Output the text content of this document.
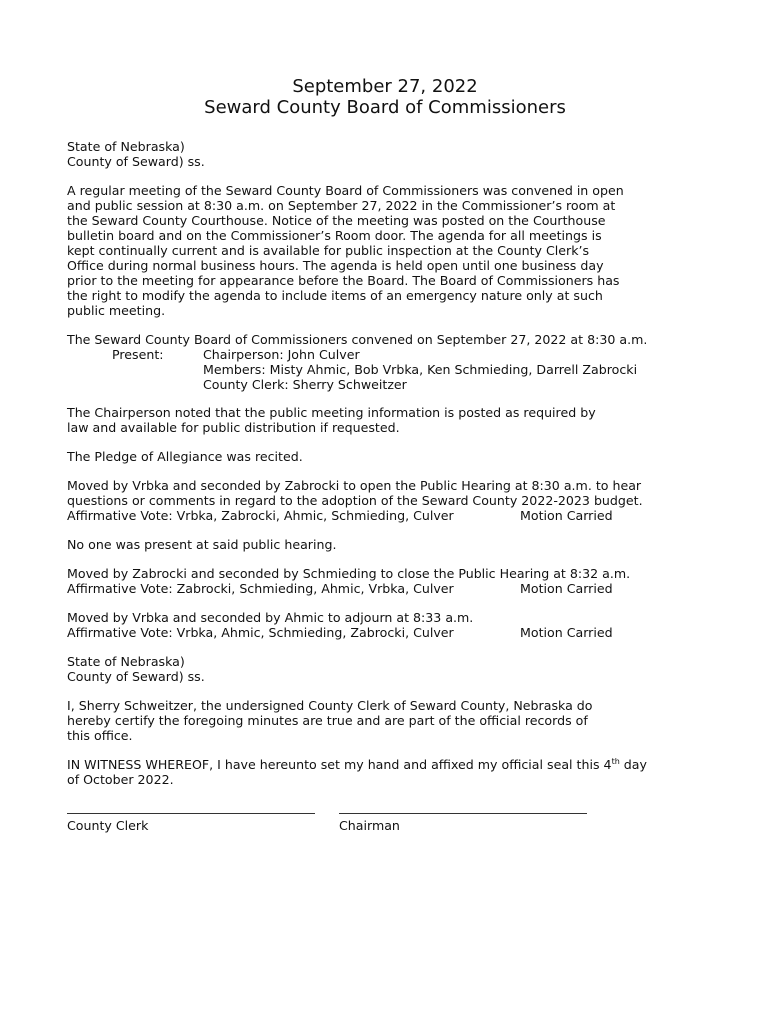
September 27, 2022
Seward County Board of Commissioners
State of Nebraska)
County of Seward) ss.
A regular meeting of the Seward County Board of Commissioners was convened in open
and public session at 8:30 a.m. on September 27, 2022 in the Commissioner’s room at
the Seward County Courthouse. Notice of the meeting was posted on the Courthouse
bulletin board and on the Commissioner’s Room door. The agenda for all meetings is
kept continually current and is available for public inspection at the County Clerk’s
Office during normal business hours. The agenda is held open until one business day
prior to the meeting for appearance before the Board. The Board of Commissioners has
the right to modify the agenda to include items of an emergency nature only at such
public meeting.
The Seward County Board of Commissioners convened on September 27, 2022 at 8:30 a.m.
Present:	Chairperson: John Culver
Members: Misty Ahmic, Bob Vrbka, Ken Schmieding, Darrell Zabrocki
County Clerk: Sherry Schweitzer
The Chairperson noted that the public meeting information is posted as required by
law and available for public distribution if requested.
The Pledge of Allegiance was recited.
Moved by Vrbka and seconded by Zabrocki to open the Public Hearing at 8:30 a.m. to hear
questions or comments in regard to the adoption of the Seward County 2022-2023 budget.
Affirmative Vote: Vrbka, Zabrocki, Ahmic, Schmieding, Culver	Motion Carried
No one was present at said public hearing.
Moved by Zabrocki and seconded by Schmieding to close the Public Hearing at 8:32 a.m.
Affirmative Vote: Zabrocki, Schmieding, Ahmic, Vrbka, Culver	Motion Carried
Moved by Vrbka and seconded by Ahmic to adjourn at 8:33 a.m.
Affirmative Vote: Vrbka, Ahmic, Schmieding, Zabrocki, Culver	Motion Carried
State of Nebraska)
County of Seward) ss.
I, Sherry Schweitzer, the undersigned County Clerk of Seward County, Nebraska do
hereby certify the foregoing minutes are true and are part of the official records of
this office.
IN WITNESS WHEREOF, I have hereunto set my hand and affixed my official seal this 4th day
of October 2022.
County Clerk	Chairman
